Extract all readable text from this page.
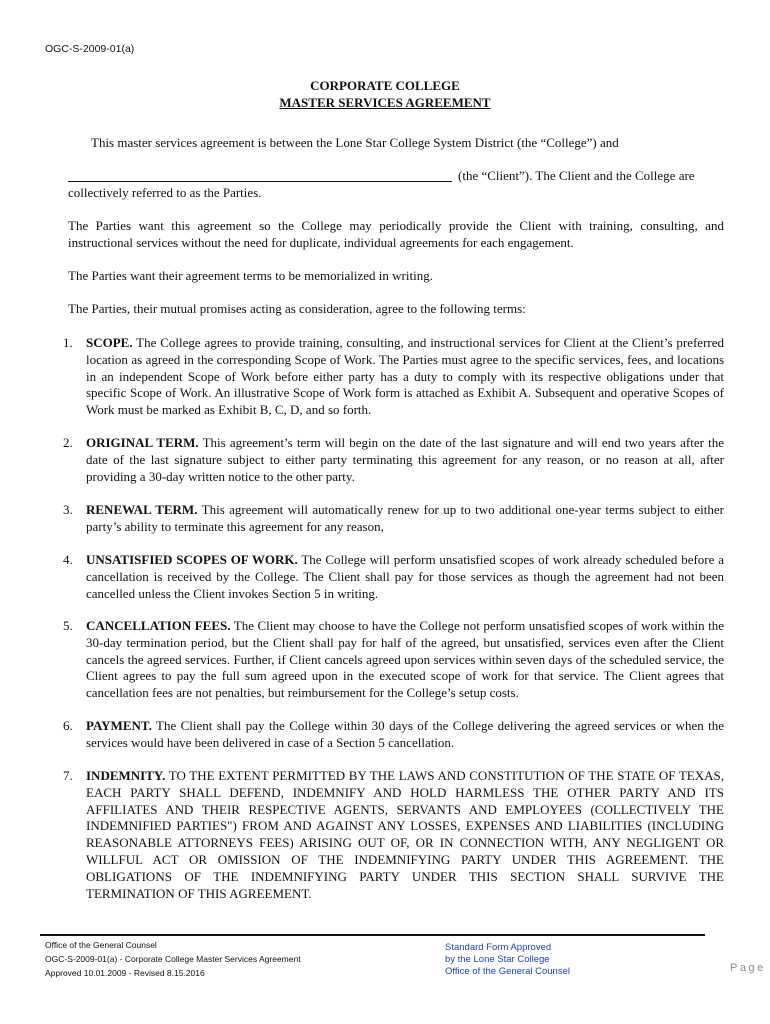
OGC-S-2009-01(a)
CORPORATE COLLEGE
MASTER SERVICES AGREEMENT

This master services agreement is between the Lone Star College System District (the “College”) and

(the “Client”). The Client and the College are collectively referred to as the Parties.

The Parties want this agreement so the College may periodically provide the Client with training, consulting, and instructional services without the need for duplicate, individual agreements for each engagement.

The Parties want their agreement terms to be memorialized in writing.

The Parties, their mutual promises acting as consideration, agree to the following terms:

1. SCOPE. The College agrees to provide training, consulting, and instructional services for Client at the Client’s preferred location as agreed in the corresponding Scope of Work. The Parties must agree to the specific services, fees, and locations in an independent Scope of Work before either party has a duty to comply with its respective obligations under that specific Scope of Work. An illustrative Scope of Work form is attached as Exhibit A. Subsequent and operative Scopes of Work must be marked as Exhibit B, C, D, and so forth.
2. ORIGINAL TERM. This agreement’s term will begin on the date of the last signature and will end two years after the date of the last signature subject to either party terminating this agreement for any reason, or no reason at all, after providing a 30-day written notice to the other party.
3. RENEWAL TERM. This agreement will automatically renew for up to two additional one-year terms subject to either party’s ability to terminate this agreement for any reason,
4. UNSATISFIED SCOPES OF WORK. The College will perform unsatisfied scopes of work already scheduled before a cancellation is received by the College. The Client shall pay for those services as though the agreement had not been cancelled unless the Client invokes Section 5 in writing.
5. CANCELLATION FEES. The Client may choose to have the College not perform unsatisfied scopes of work within the 30-day termination period, but the Client shall pay for half of the agreed, but unsatisfied, services even after the Client cancels the agreed services. Further, if Client cancels agreed upon services within seven days of the scheduled service, the Client agrees to pay the full sum agreed upon in the executed scope of work for that service. The Client agrees that cancellation fees are not penalties, but reimbursement for the College’s setup costs.
6. PAYMENT. The Client shall pay the College within 30 days of the College delivering the agreed services or when the services would have been delivered in case of a Section 5 cancellation.
7. INDEMNITY. TO THE EXTENT PERMITTED BY THE LAWS AND CONSTITUTION OF THE STATE OF TEXAS, EACH PARTY SHALL DEFEND, INDEMNIFY AND HOLD HARMLESS THE OTHER PARTY AND ITS AFFILIATES AND THEIR RESPECTIVE AGENTS, SERVANTS AND EMPLOYEES (COLLECTIVELY THE INDEMNIFIED PARTIES") FROM AND AGAINST ANY LOSSES, EXPENSES AND LIABILITIES (INCLUDING REASONABLE ATTORNEYS FEES) ARISING OUT OF, OR IN CONNECTION WITH, ANY NEGLIGENT OR WILLFUL ACT OR OMISSION OF THE INDEMNIFYING PARTY UNDER THIS AGREEMENT. THE OBLIGATIONS OF THE INDEMNIFYING PARTY UNDER THIS SECTION SHALL SURVIVE THE TERMINATION OF THIS AGREEMENT.
Office of the General Counsel
OGC-S-2009-01(a) - Corporate College Master Services Agreement
Approved 10.01.2009 - Revised 8.15.2016
Standard Form Approved
by the Lone Star College
Office of the General Counsel	Page
